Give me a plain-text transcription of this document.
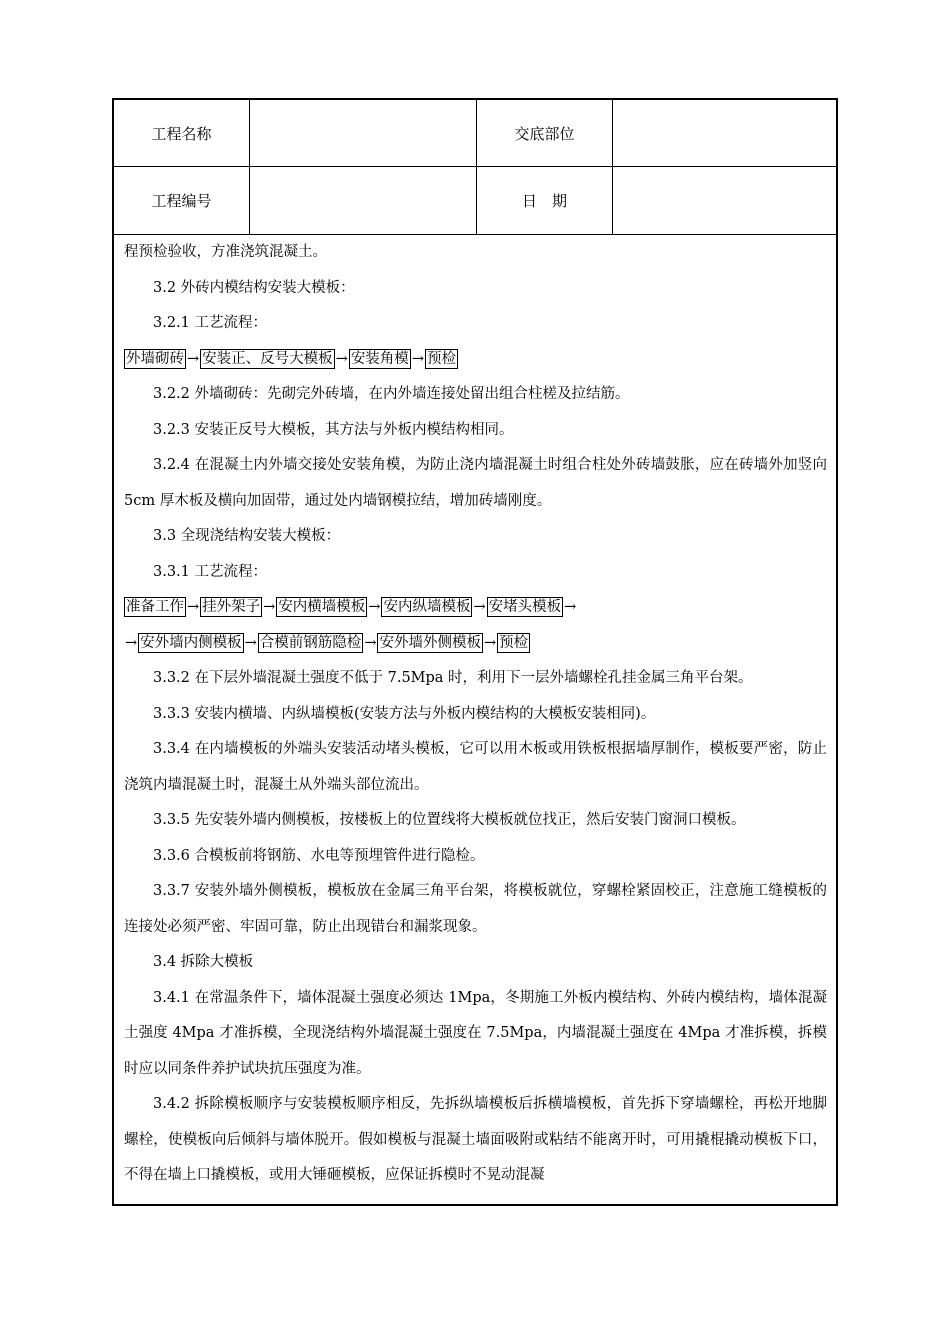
工程名称	交底部位
工程编号	日　期

程预检验收，方准浇筑混凝土。

3.2 外砖内模结构安装大模板：

3.2.1 工艺流程：

外墙砌砖 → 安装正、反号大模板 → 安装角模 → 预检

3.2.2 外墙砌砖：先砌完外砖墙，在内外墙连接处留出组合柱槎及拉结筋。

3.2.3 安装正反号大模板，其方法与外板内模结构相同。

3.2.4 在混凝土内外墙交接处安装角模，为防止浇内墙混凝土时组合柱处外砖墙鼓胀，应在砖墙外加竖向 5cm 厚木板及横向加固带，通过处内墙钢模拉结，增加砖墙刚度。

3.3 全现浇结构安装大模板：

3.3.1 工艺流程：

准备工作 → 挂外架子 → 安内横墙模板 → 安内纵墙模板 → 安堵头模板 →

→ 安外墙内侧模板 → 合模前钢筋隐检 → 安外墙外侧模板 → 预检

3.3.2 在下层外墙混凝土强度不低于 7.5Mpa 时，利用下一层外墙螺栓孔挂金属三角平台架。

3.3.3 安装内横墙、内纵墙模板(安装方法与外板内模结构的大模板安装相同)。

3.3.4 在内墙模板的外端头安装活动堵头模板，它可以用木板或用铁板根据墙厚制作，模板要严密，防止浇筑内墙混凝土时，混凝土从外端头部位流出。

3.3.5 先安装外墙内侧模板，按楼板上的位置线将大模板就位找正，然后安装门窗洞口模板。

3.3.6 合模板前将钢筋、水电等预埋管件进行隐检。

3.3.7 安装外墙外侧模板，模板放在金属三角平台架，将模板就位，穿螺栓紧固校正，注意施工缝模板的连接处必须严密、牢固可靠，防止出现错台和漏浆现象。

3.4 拆除大模板

3.4.1 在常温条件下，墙体混凝土强度必须达 1Mpa，冬期施工外板内模结构、外砖内模结构，墙体混凝土强度 4Mpa 才准拆模，全现浇结构外墙混凝土强度在 7.5Mpa，内墙混凝土强度在 4Mpa 才准拆模，拆模时应以同条件养护试块抗压强度为准。

3.4.2 拆除模板顺序与安装模板顺序相反，先拆纵墙模板后拆横墙模板，首先拆下穿墙螺栓，再松开地脚螺栓，使模板向后倾斜与墙体脱开。假如模板与混凝土墙面吸附或粘结不能离开时，可用撬棍撬动模板下口，不得在墙上口撬模板，或用大锤砸模板，应保证拆模时不晃动混凝
